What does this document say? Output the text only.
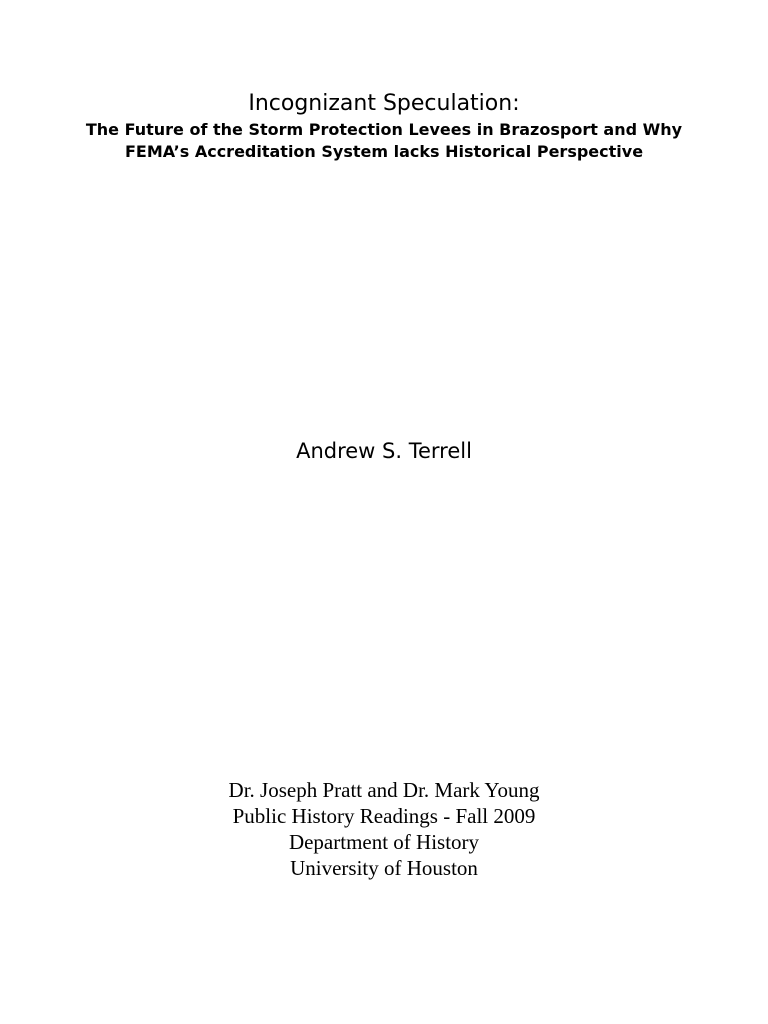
Incognizant Speculation:
The Future of the Storm Protection Levees in Brazosport and Why
FEMA’s Accreditation System lacks Historical Perspective
Andrew S. Terrell
Dr. Joseph Pratt and Dr. Mark Young
Public History Readings - Fall 2009
Department of History
University of Houston
